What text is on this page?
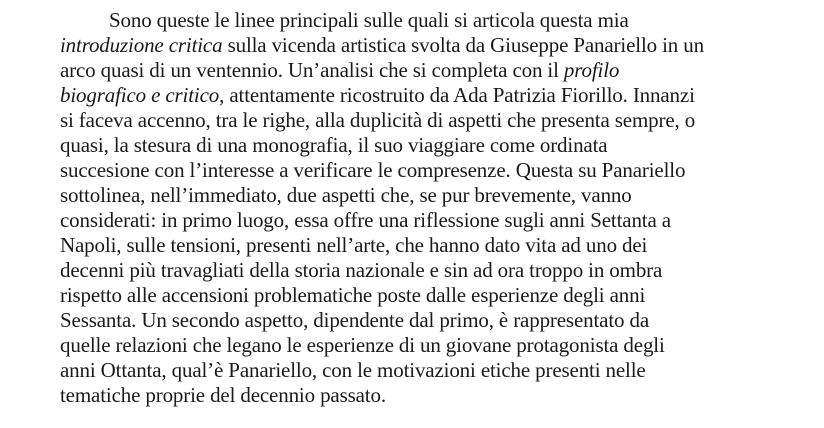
Sono queste le linee principali sulle quali si articola questa mia
introduzione critica sulla vicenda artistica svolta da Giuseppe Panariello in un
arco quasi di un ventennio. Un’analisi che si completa con il profilo
biografico e critico, attentamente ricostruito da Ada Patrizia Fiorillo. Innanzi
si faceva accenno, tra le righe, alla duplicità di aspetti che presenta sempre, o
quasi, la stesura di una monografia, il suo viaggiare come ordinata
succesione con l’interesse a verificare le compresenze. Questa su Panariello
sottolinea, nell’immediato, due aspetti che, se pur brevemente, vanno
considerati: in primo luogo, essa offre una riflessione sugli anni Settanta a
Napoli, sulle tensioni, presenti nell’arte, che hanno dato vita ad uno dei
decenni più travagliati della storia nazionale e sin ad ora troppo in ombra
rispetto alle accensioni problematiche poste dalle esperienze degli anni
Sessanta. Un secondo aspetto, dipendente dal primo, è rappresentato da
quelle relazioni che legano le esperienze di un giovane protagonista degli
anni Ottanta, qual’è Panariello, con le motivazioni etiche presenti nelle
tematiche proprie del decennio passato.
